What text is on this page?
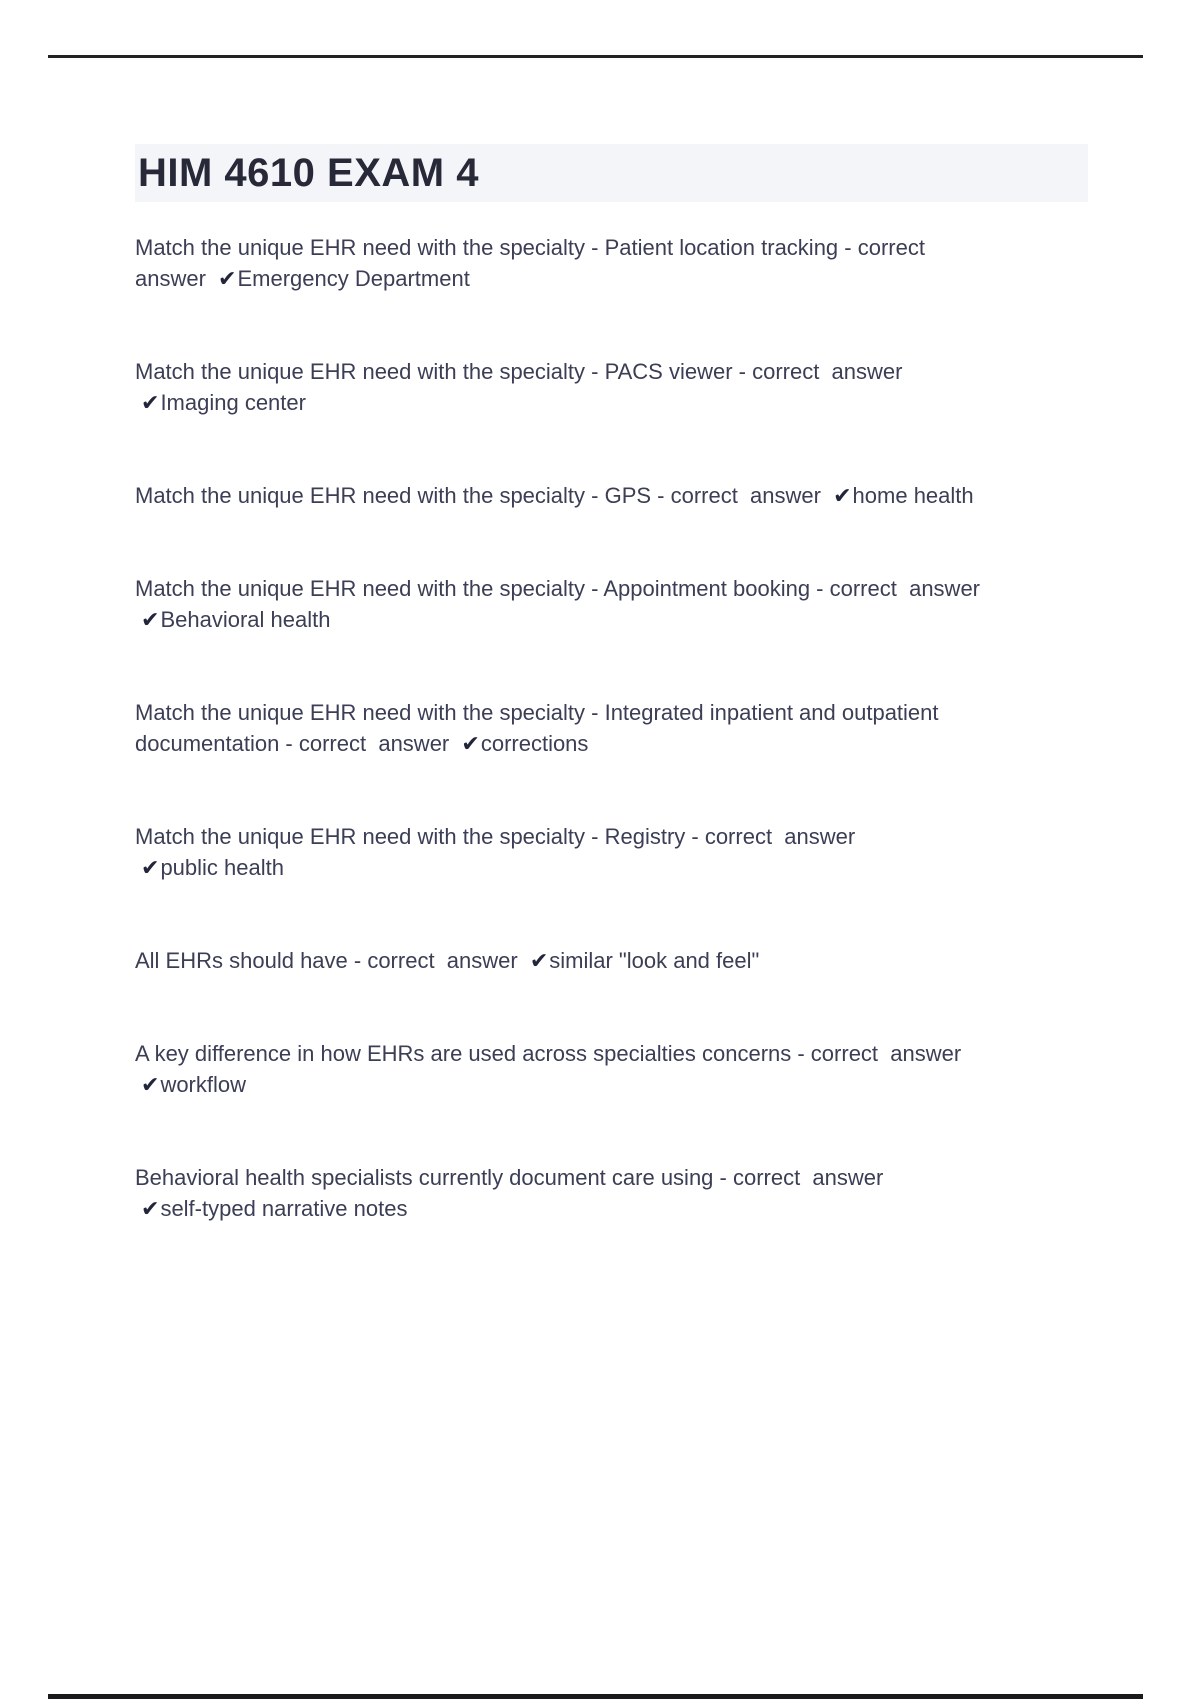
HIM 4610 EXAM 4

Match the unique EHR need with the specialty - Patient location tracking - correct  answer ✔Emergency Department

Match the unique EHR need with the specialty - PACS viewer - correct  answer ✔Imaging center

Match the unique EHR need with the specialty - GPS - correct  answer ✔home health

Match the unique EHR need with the specialty - Appointment booking - correct  answer ✔Behavioral health

Match the unique EHR need with the specialty - Integrated inpatient and outpatient documentation - correct  answer ✔corrections

Match the unique EHR need with the specialty - Registry - correct  answer ✔public health

All EHRs should have - correct  answer ✔similar "look and feel"

A key difference in how EHRs are used across specialties concerns - correct  answer ✔workflow

Behavioral health specialists currently document care using - correct  answer ✔self-typed narrative notes
